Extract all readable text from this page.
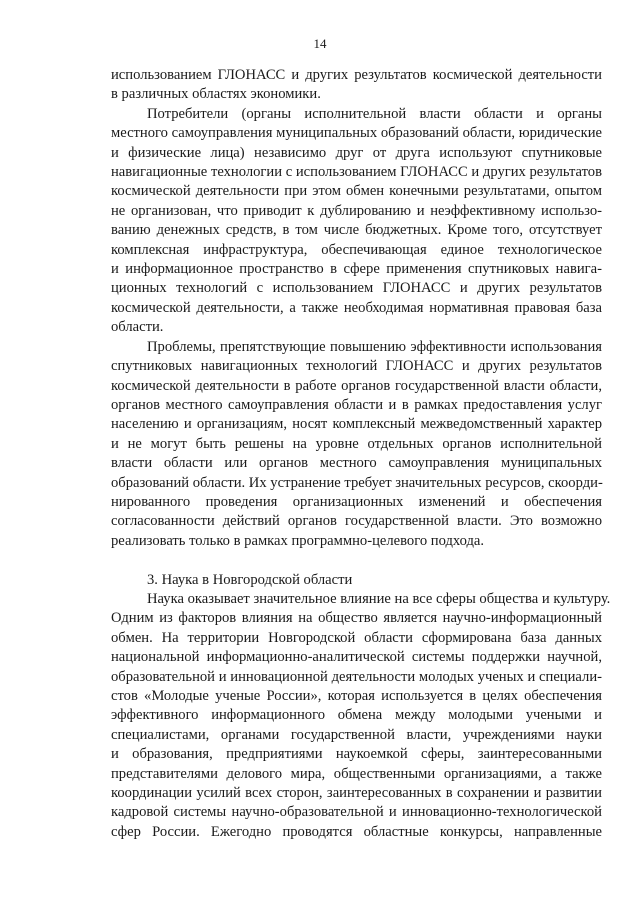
14
использованием ГЛОНАСС и других результатов космической деятельности
в различных областях экономики.
Потребители (органы исполнительной власти области и органы
местного самоуправления муниципальных образований области, юридические
и физические лица) независимо друг от друга используют спутниковые
навигационные технологии с использованием ГЛОНАСС и других результатов
космической деятельности при этом обмен конечными результатами, опытом
не организован, что приводит к дублированию и неэффективному использо-
ванию денежных средств, в том числе бюджетных. Кроме того, отсутствует
комплексная инфраструктура, обеспечивающая единое технологическое
и информационное пространство в сфере применения спутниковых навига-
ционных технологий с использованием ГЛОНАСС и других результатов
космической деятельности, а также необходимая нормативная правовая база
области.
Проблемы, препятствующие повышению эффективности использования
спутниковых навигационных технологий ГЛОНАСС и других результатов
космической деятельности в работе органов государственной власти области,
органов местного самоуправления области и в рамках предоставления услуг
населению и организациям, носят комплексный межведомственный характер
и не могут быть решены на уровне отдельных органов исполнительной
власти области или органов местного самоуправления муниципальных
образований области. Их устранение требует значительных ресурсов, скоорди-
нированного проведения организационных изменений и обеспечения
согласованности действий органов государственной власти. Это возможно
реализовать только в рамках программно-целевого подхода.
3. Наука в Новгородской области
Наука оказывает значительное влияние на все сферы общества и культуру.
Одним из факторов влияния на общество является научно-информационный
обмен. На территории Новгородской области сформирована база данных
национальной информационно-аналитической системы поддержки научной,
образовательной и инновационной деятельности молодых ученых и специали-
стов «Молодые ученые России», которая используется в целях обеспечения
эффективного информационного обмена между молодыми учеными и
специалистами, органами государственной власти, учреждениями науки
и образования, предприятиями наукоемкой сферы, заинтересованными
представителями делового мира, общественными организациями, а также
координации усилий всех сторон, заинтересованных в сохранении и развитии
кадровой системы научно-образовательной и инновационно-технологической
сфер России. Ежегодно проводятся областные конкурсы, направленные
